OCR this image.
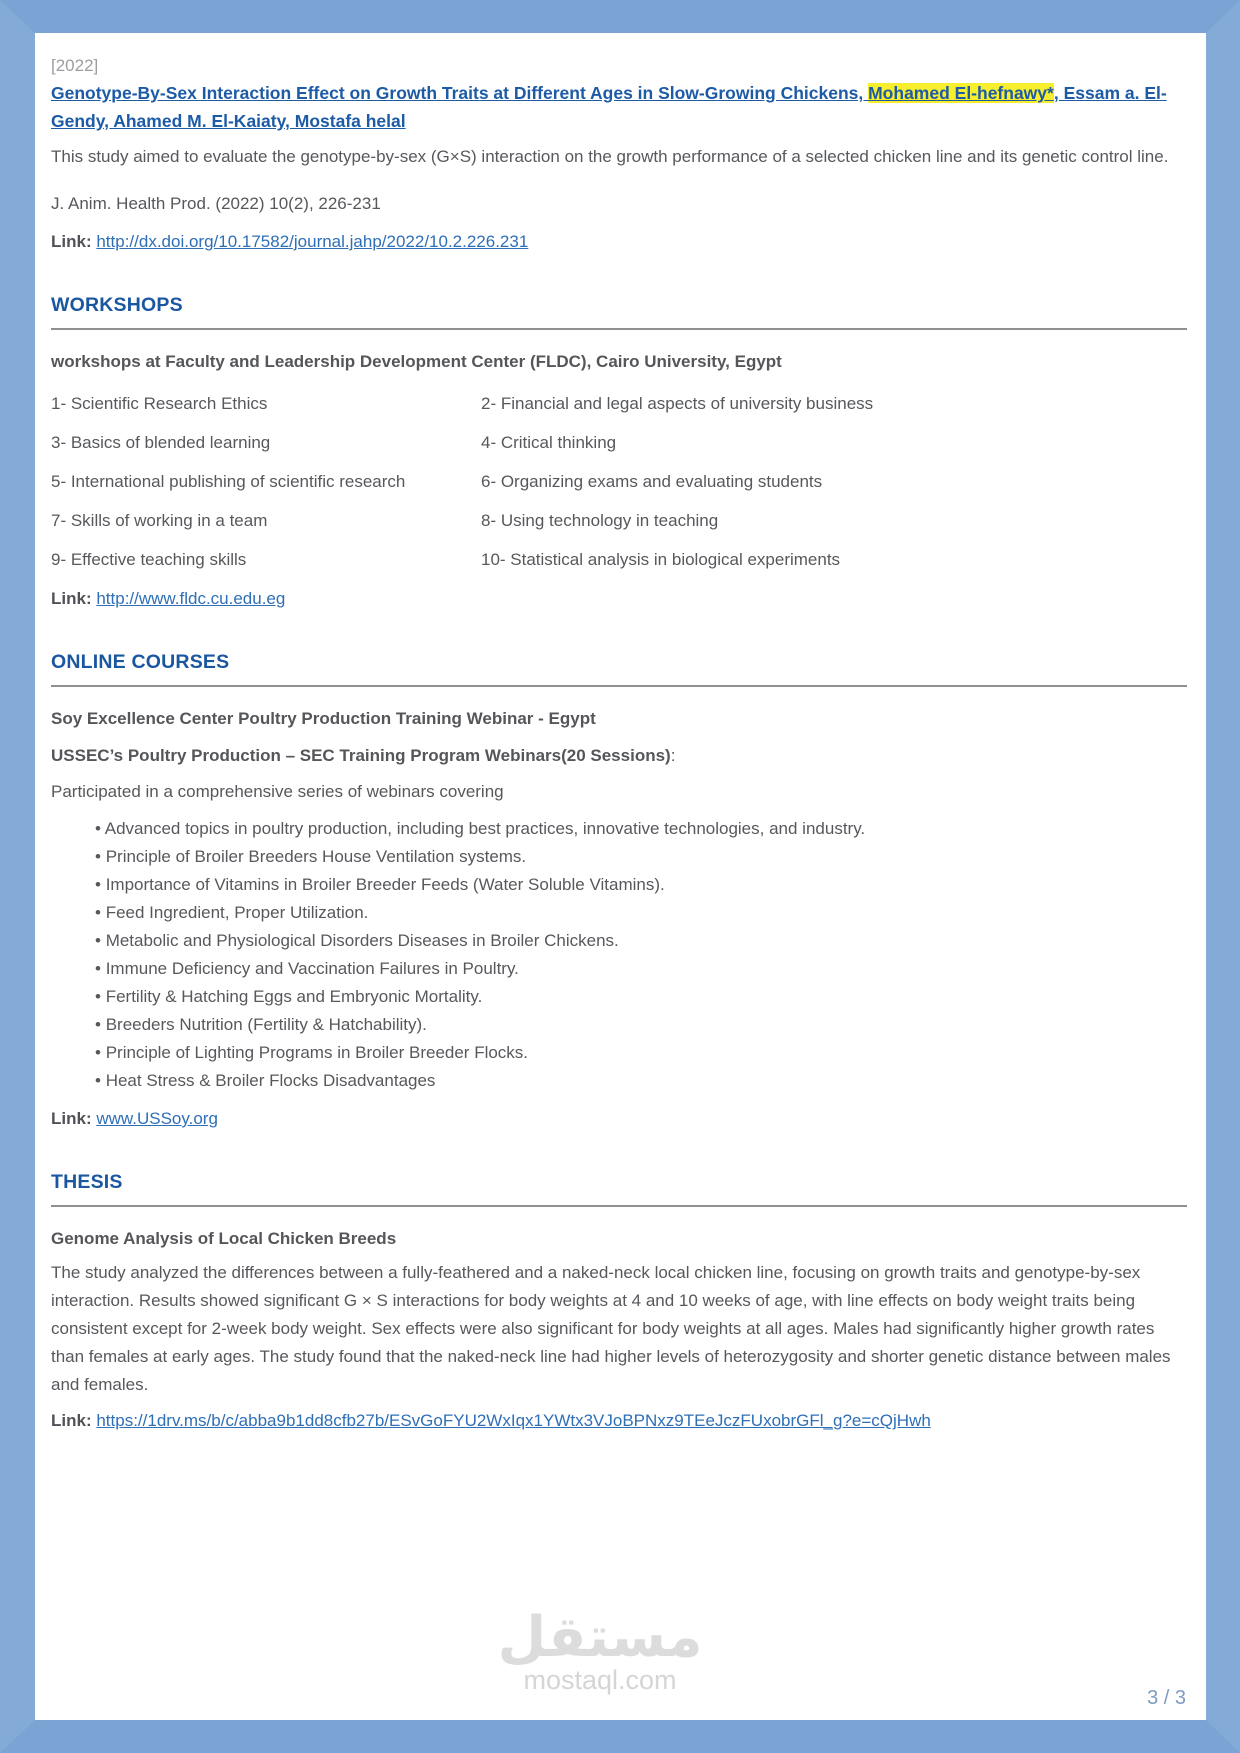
[2022]

Genotype-By-Sex Interaction Effect on Growth Traits at Different Ages in Slow-Growing Chickens, Mohamed El-hefnawy*, Essam a. El-Gendy, Ahamed M. El-Kaiaty, Mostafa helal

This study aimed to evaluate the genotype-by-sex (G×S) interaction on the growth performance of a selected chicken line and its genetic control line.

J. Anim. Health Prod. (2022) 10(2), 226-231

Link: http://dx.doi.org/10.17582/journal.jahp/2022/10.2.226.231

WORKSHOPS

workshops at Faculty and Leadership Development Center (FLDC), Cairo University, Egypt

1- Scientific Research Ethics	2- Financial and legal aspects of university business
3- Basics of blended learning	4- Critical thinking
5- International publishing of scientific research	6- Organizing exams and evaluating students
7- Skills of working in a team	8- Using technology in teaching
9- Effective teaching skills	10- Statistical analysis in biological experiments

Link: http://www.fldc.cu.edu.eg

ONLINE COURSES

Soy Excellence Center Poultry Production Training Webinar - Egypt

USSEC’s Poultry Production – SEC Training Program Webinars(20 Sessions):

Participated in a comprehensive series of webinars covering

• Advanced topics in poultry production, including best practices, innovative technologies, and industry.
• Principle of Broiler Breeders House Ventilation systems.
• Importance of Vitamins in Broiler Breeder Feeds (Water Soluble Vitamins).
• Feed Ingredient, Proper Utilization.
• Metabolic and Physiological Disorders Diseases in Broiler Chickens.
• Immune Deficiency and Vaccination Failures in Poultry.
• Fertility & Hatching Eggs and Embryonic Mortality.
• Breeders Nutrition (Fertility & Hatchability).
• Principle of Lighting Programs in Broiler Breeder Flocks.
• Heat Stress & Broiler Flocks Disadvantages

Link: www.USSoy.org

THESIS

Genome Analysis of Local Chicken Breeds

The study analyzed the differences between a fully-feathered and a naked-neck local chicken line, focusing on growth traits and genotype-by-sex interaction. Results showed significant G × S interactions for body weights at 4 and 10 weeks of age, with line effects on body weight traits being consistent except for 2-week body weight. Sex effects were also significant for body weights at all ages. Males had significantly higher growth rates than females at early ages. The study found that the naked-neck line had higher levels of heterozygosity and shorter genetic distance between males and females.

Link: https://1drv.ms/b/c/abba9b1dd8cfb27b/ESvGoFYU2WxIqx1YWtx3VJoBPNxz9TEeJczFUxobrGFl_g?e=cQjHwh

مستقل
mostaql.com
3 / 3
